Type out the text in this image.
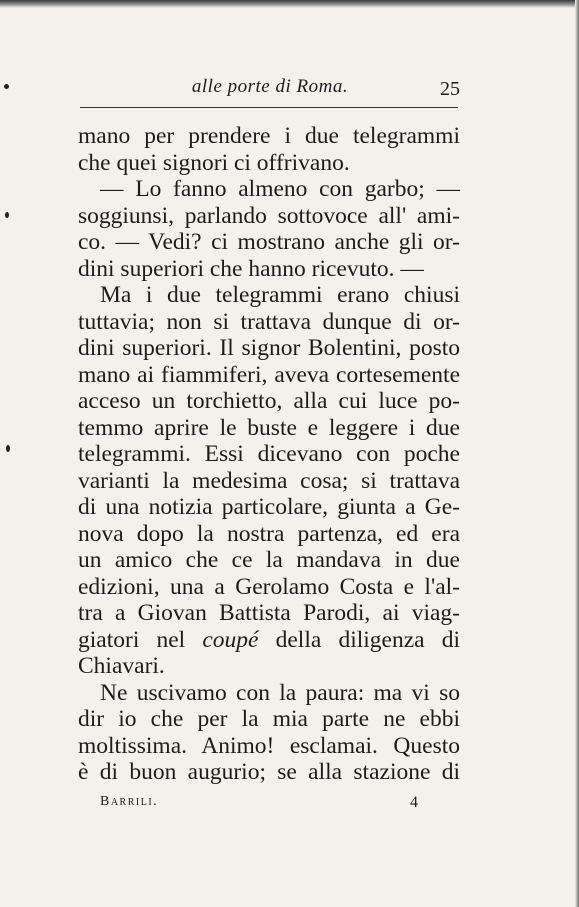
alle porte di Roma.	25
mano per prendere i due telegrammi
che quei signori ci offrivano.
— Lo fanno almeno con garbo; —
soggiunsi, parlando sottovoce all' ami-
co. — Vedi? ci mostrano anche gli or-
dini superiori che hanno ricevuto. —
Ma i due telegrammi erano chiusi
tuttavia; non si trattava dunque di or-
dini superiori. Il signor Bolentini, posto
mano ai fiammiferi, aveva cortesemente
acceso un torchietto, alla cui luce po-
temmo aprire le buste e leggere i due
telegrammi. Essi dicevano con poche
varianti la medesima cosa; si trattava
di una notizia particolare, giunta a Ge-
nova dopo la nostra partenza, ed era
un amico che ce la mandava in due
edizioni, una a Gerolamo Costa e l'al-
tra a Giovan Battista Parodi, ai viag-
giatori nel coupé della diligenza di
Chiavari.
Ne uscivamo con la paura: ma vi so
dir io che per la mia parte ne ebbi
moltissima. Animo! esclamai. Questo
è di buon augurio; se alla stazione di
Barrili.	4
